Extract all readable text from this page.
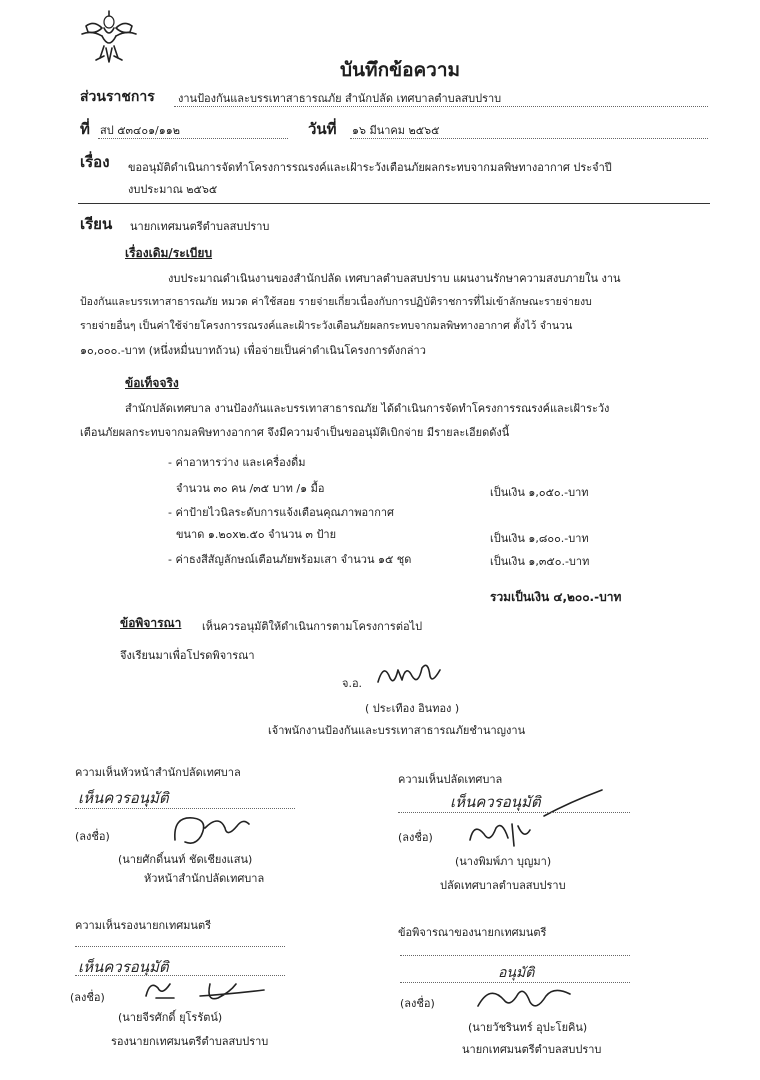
บันทึกข้อความ
ส่วนราชการ งานป้องกันและบรรเทาสาธารณภัย สำนักปลัด เทศบาลตำบลสบปราบ
ที่ สป ๕๓๔๐๑/๑๑๒	วันที่ ๑๖ มีนาคม ๒๕๖๕
เรื่อง ขออนุมัติดำเนินการจัดทำโครงการรณรงค์และเฝ้าระวังเตือนภัยผลกระทบจากมลพิษทางอากาศ ประจำปี
งบประมาณ ๒๕๖๕
เรียน นายกเทศมนตรีตำบลสบปราบ
เรื่องเดิม/ระเบียบ
งบประมาณดำเนินงานของสำนักปลัด เทศบาลตำบลสบปราบ แผนงานรักษาความสงบภายใน งาน
ป้องกันและบรรเทาสาธารณภัย หมวด ค่าใช้สอย รายจ่ายเกี่ยวเนื่องกับการปฏิบัติราชการที่ไม่เข้าลักษณะรายจ่ายงบ
รายจ่ายอื่นๆ เป็นค่าใช้จ่ายโครงการรณรงค์และเฝ้าระวังเตือนภัยผลกระทบจากมลพิษทางอากาศ ตั้งไว้ จำนวน
๑๐,๐๐๐.-บาท (หนึ่งหมื่นบาทถ้วน) เพื่อจ่ายเป็นค่าดำเนินโครงการดังกล่าว
ข้อเท็จจริง
สำนักปลัดเทศบาล งานป้องกันและบรรเทาสาธารณภัย ได้ดำเนินการจัดทำโครงการรณรงค์และเฝ้าระวัง
เตือนภัยผลกระทบจากมลพิษทางอากาศ จึงมีความจำเป็นขออนุมัติเบิกจ่าย มีรายละเอียดดังนี้
- ค่าอาหารว่าง และเครื่องดื่ม
จำนวน ๓๐ คน /๓๕ บาท /๑ มื้อ	เป็นเงิน ๑,๐๕๐.-บาท
- ค่าป้ายไวนิลระดับการแจ้งเตือนคุณภาพอากาศ
ขนาด ๑.๒๐x๒.๕๐ จำนวน ๓ ป้าย	เป็นเงิน ๑,๘๐๐.-บาท
- ค่าธงสีสัญลักษณ์เตือนภัยพร้อมเสา จำนวน ๑๕ ชุด	เป็นเงิน ๑,๓๕๐.-บาท
รวมเป็นเงิน ๔,๒๐๐.-บาท
ข้อพิจารณา เห็นควรอนุมัติให้ดำเนินการตามโครงการต่อไป
จึงเรียนมาเพื่อโปรดพิจารณา
จ.อ.
( ประเทือง อินทอง )
เจ้าพนักงานป้องกันและบรรเทาสาธารณภัยชำนาญงาน
ความเห็นหัวหน้าสำนักปลัดเทศบาล
เห็นควรอนุมัติ
(ลงชื่อ)
(นายศักดิ์นนท์ ชัดเชียงแสน)
หัวหน้าสำนักปลัดเทศบาล
ความเห็นปลัดเทศบาล
เห็นควรอนุมัติ
(ลงชื่อ)
(นางพิมพ์ภา บุญมา)
ปลัดเทศบาลตำบลสบปราบ
ความเห็นรองนายกเทศมนตรี
เห็นควรอนุมัติ
(ลงชื่อ)
(นายจีรศักดิ์ ยุโรรัตน์)
รองนายกเทศมนตรีตำบลสบปราบ
ข้อพิจารณาของนายกเทศมนตรี
อนุมัติ
(ลงชื่อ)
(นายวัชรินทร์ อุปะโยคิน)
นายกเทศมนตรีตำบลสบปราบ
